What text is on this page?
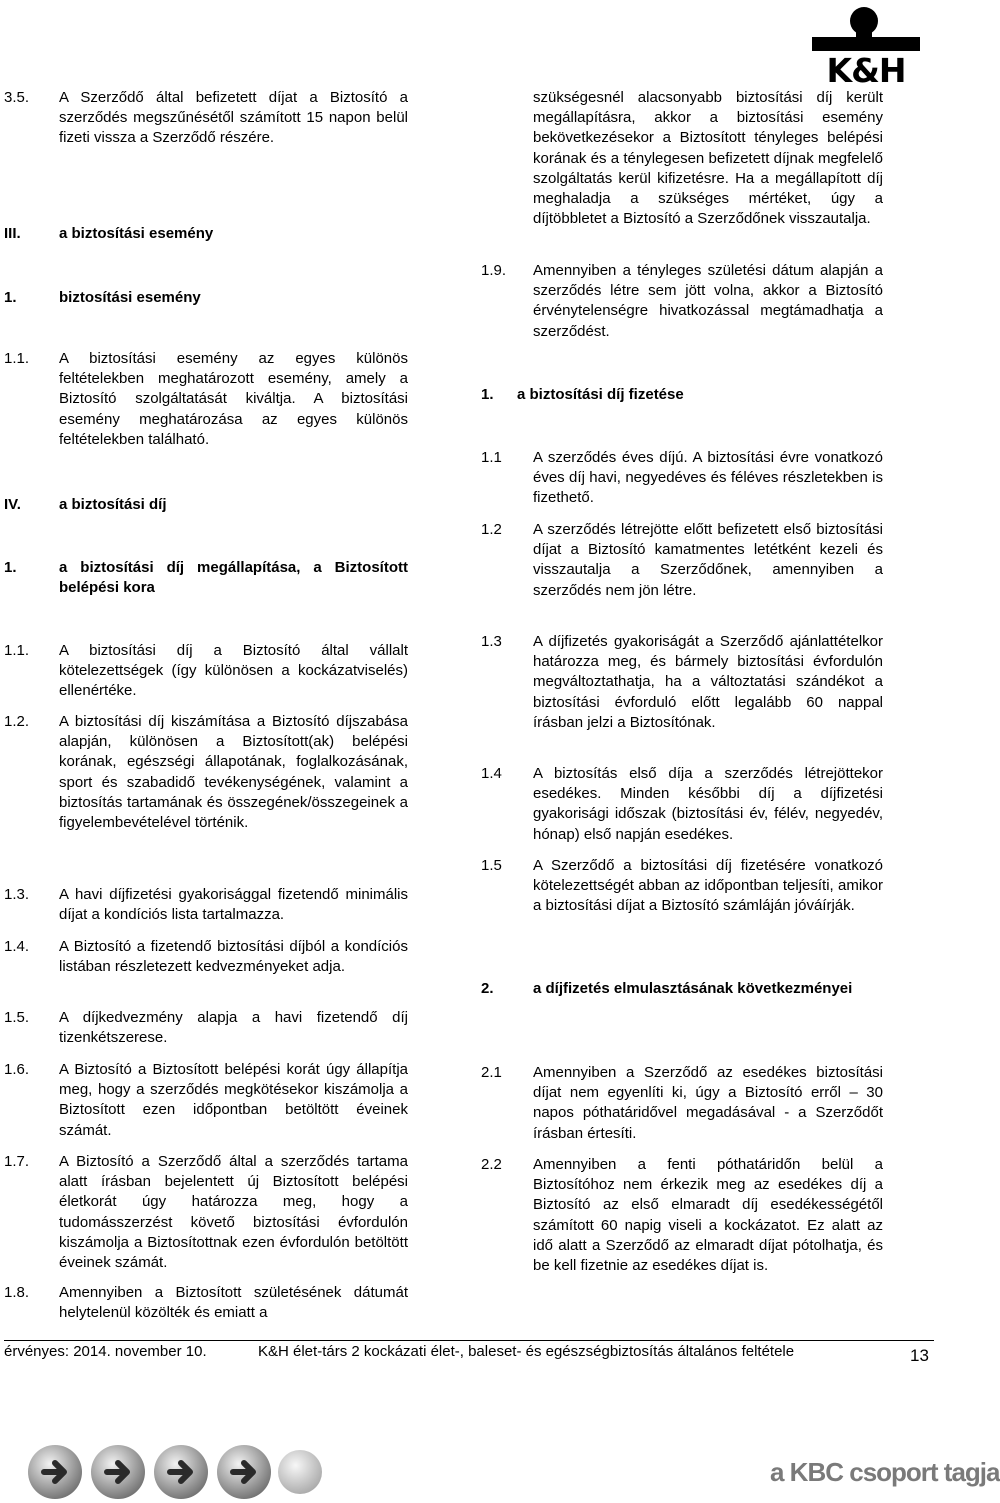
K&H
3.5. A Szerződő által befizetett díjat a Biztosító a szerződés megszűnésétől számított 15 napon belül fizeti vissza a Szerződő részére.
III.	a biztosítási esemény
1.	biztosítási esemény
1.1. A biztosítási esemény az egyes különös feltételekben meghatározott esemény, amely a Biztosító szolgáltatását kiváltja. A biztosítási esemény meghatározása az egyes különös feltételekben található.
IV.	a biztosítási díj
1.	a biztosítási díj megállapítása, a Biztosított belépési kora
1.1. A biztosítási díj a Biztosító által vállalt kötelezettségek (így különösen a kockázatviselés) ellenértéke.
1.2. A biztosítási díj kiszámítása a Biztosító díjszabása alapján, különösen a Biztosított(ak) belépési korának, egészségi állapotának, foglalkozásának, sport és szabadidő tevékenységének, valamint a biztosítás tartamának és összegének/összegeinek a figyelembevételével történik.
1.3. A havi díjfizetési gyakorisággal fizetendő minimális díjat a kondíciós lista tartalmazza.
1.4. A Biztosító a fizetendő biztosítási díjból a kondíciós listában részletezett kedvezményeket adja.
1.5. A díjkedvezmény alapja a havi fizetendő díj tizenkétszerese.
1.6. A Biztosító a Biztosított belépési korát úgy állapítja meg, hogy a szerződés megkötésekor kiszámolja a Biztosított ezen időpontban betöltött éveinek számát.
1.7. A Biztosító a Szerződő által a szerződés tartama alatt írásban bejelentett új Biztosított belépési életkorát úgy határozza meg, hogy a tudomásszerzést követő biztosítási évfordulón kiszámolja a Biztosítottnak ezen évfordulón betöltött éveinek számát.
1.8. Amennyiben a Biztosított születésének dátumát helytelenül közölték és emiatt a
szükségesnél alacsonyabb biztosítási díj került megállapításra, akkor a biztosítási esemény bekövetkezésekor a Biztosított tényleges belépési korának és a ténylegesen befizetett díjnak megfelelő szolgáltatás kerül kifizetésre. Ha a megállapított díj meghaladja a szükséges mértéket, úgy a díjtöbbletet a Biztosító a Szerződőnek visszautalja.
1.9. Amennyiben a tényleges születési dátum alapján a szerződés létre sem jött volna, akkor a Biztosító érvénytelenségre hivatkozással megtámadhatja a szerződést.
1. a biztosítási díj fizetése
1.1 A szerződés éves díjú. A biztosítási évre vonatkozó éves díj havi, negyedéves és féléves részletekben is fizethető.
1.2 A szerződés létrejötte előtt befizetett első biztosítási díjat a Biztosító kamatmentes letétként kezeli és visszautalja a Szerződőnek, amennyiben a szerződés nem jön létre.
1.3 A díjfizetés gyakoriságát a Szerződő ajánlattételkor határozza meg, és bármely biztosítási évfordulón megváltoztathatja, ha a változtatási szándékot a biztosítási évforduló előtt legalább 60 nappal írásban jelzi a Biztosítónak.
1.4 A biztosítás első díja a szerződés létrejöttekor esedékes. Minden későbbi díj a díjfizetési gyakorisági időszak (biztosítási év, félév, negyedév, hónap) első napján esedékes.
1.5 A Szerződő a biztosítási díj fizetésére vonatkozó kötelezettségét abban az időpontban teljesíti, amikor a biztosítási díjat a Biztosító számláján jóváírják.
2.	a díjfizetés elmulasztásának következményei
2.1 Amennyiben a Szerződő az esedékes biztosítási díjat nem egyenlíti ki, úgy a Biztosító erről – 30 napos póthatáridővel megadásával - a Szerződőt írásban értesíti.
2.2 Amennyiben a fenti póthatáridőn belül a Biztosítóhoz nem érkezik meg az esedékes díj a Biztosító az első elmaradt díj esedékességétől számított 60 napig viseli a kockázatot. Ez alatt az idő alatt a Szerződő az elmaradt díjat pótolhatja, és be kell fizetnie az esedékes díjat is.
érvényes: 2014. november 10.	K&H élet-társ 2 kockázati élet-, baleset- és egészségbiztosítás általános feltétele	13
a KBC csoport tagja
